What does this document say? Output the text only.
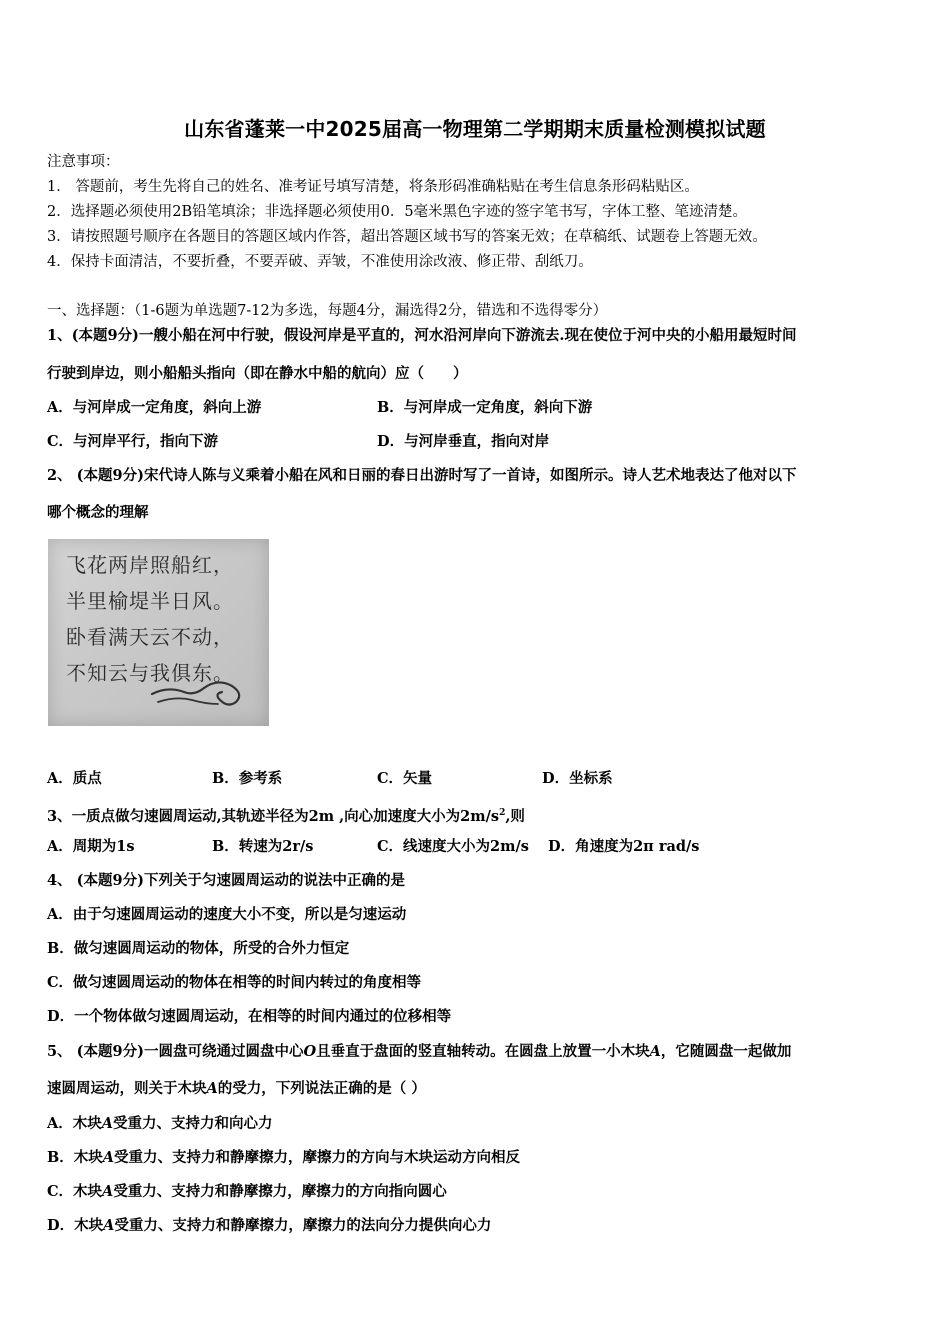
山东省蓬莱一中2025届高一物理第二学期期末质量检测模拟试题
注意事项：
1． 答题前，考生先将自己的姓名、准考证号填写清楚，将条形码准确粘贴在考生信息条形码粘贴区。
2．选择题必须使用2B铅笔填涂；非选择题必须使用0．5毫米黑色字迹的签字笔书写，字体工整、笔迹清楚。
3．请按照题号顺序在各题目的答题区域内作答，超出答题区域书写的答案无效；在草稿纸、试题卷上答题无效。
4．保持卡面清洁，不要折叠，不要弄破、弄皱，不准使用涂改液、修正带、刮纸刀。
一、选择题：（1-6题为单选题7-12为多选，每题4分，漏选得2分，错选和不选得零分）
1、(本题9分)一艘小船在河中行驶，假设河岸是平直的，河水沿河岸向下游流去.现在使位于河中央的小船用最短时间
行驶到岸边，则小船船头指向（即在静水中船的航向）应（　　）
A．与河岸成一定角度，斜向上游	B．与河岸成一定角度，斜向下游
C．与河岸平行，指向下游	D．与河岸垂直，指向对岸
2、 (本题9分)宋代诗人陈与义乘着小船在风和日丽的春日出游时写了一首诗，如图所示。诗人艺术地表达了他对以下
哪个概念的理解
飞花两岸照船红，
半里榆堤半日风。
卧看满天云不动，
不知云与我俱东。
A．质点	B．参考系	C．矢量	D．坐标系
3、一质点做匀速圆周运动,其轨迹半径为2m ,向心加速度大小为$2m/s^2$,则
A．周期为1s	B．转速为2r/s	C．线速度大小为2m/s D．角速度为2π rad/s
4、 (本题9分)下列关于匀速圆周运动的说法中正确的是
A．由于匀速圆周运动的速度大小不变，所以是匀速运动
B．做匀速圆周运动的物体，所受的合外力恒定
C．做匀速圆周运动的物体在相等的时间内转过的角度相等
D．一个物体做匀速圆周运动，在相等的时间内通过的位移相等
5、 (本题9分)一圆盘可绕通过圆盘中心O且垂直于盘面的竖直轴转动。在圆盘上放置一小木块A，它随圆盘一起做加
速圆周运动，则关于木块A的受力，下列说法正确的是（ ）
A．木块A受重力、支持力和向心力
B．木块A受重力、支持力和静摩擦力，摩擦力的方向与木块运动方向相反
C．木块A受重力、支持力和静摩擦力，摩擦力的方向指向圆心
D．木块A受重力、支持力和静摩擦力，摩擦力的法向分力提供向心力
